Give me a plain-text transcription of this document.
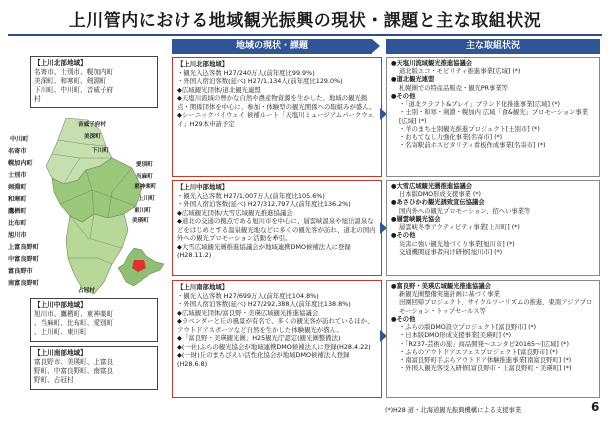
上川管内における地域観光振興の現状・課題と主な取組状況
【上川北部地域】
名寄市、士別市、幌加内町
美深町、和寒町、剣淵町
下川町、中川町、音威子府
村
音威子府村
中川町	美深町
名寄市	下川町
幌加内町
士別市
剣淵町
愛別町
和寒町
当麻町
東神楽町
鷹栖町
上川町
比布町
東川町
旭川市
美瑛町
上富良野町
中富良野町
富良野市
南富良野町
占冠村
【上川中部地域】
旭川市、鷹栖町、東神楽町
、当麻町、比布町、愛別町
、上川町、東川町
【上川南部地域】
富良野市、美瑛町、上富良
野町、中富良野町、南富良
野町、占冠村
地域の現状・課題	主な取組状況
【上川北部地域】
・観光入込客数 H27/240万人(前年度比99.9%)
・外国人宿泊客数(延べ) H27/1,134人(前年度比129.0%)
◆広域観光団体/道北観光連盟
◆天塩川流域の豊かな自然や農産物資源を生かした、地域の観光拠点・関係団体を中心に、参加・体験型の観光関係への取組みが盛ん。
◆シーニックバイウェイ 候補ルート「天塩川ミュージアムパークウェイ」H29本申請予定
【上川中部地域】
・観光入込客数 H27/1,007万人(前年度比105.6%)
・外国人宿泊客数(延べ) H27/312,797人(前年度比136.2%)
◆広域観光団体/大雪広域観光推進協議会
◆道北の交通の拠点である旭川市を中心に、層雲峡温泉や旭岳温泉などをはじめとする温泉観光地などに多くの観光客が訪れ、道北の国内外への観光プロモーション活動を牽引。
◆大雪広域観光圏推進協議会が地域連携DMO候補法人に登録(H28.11.2)
【上川南部地域】
・観光入込客数 H27/699万人(前年度比104.8%)
・外国人宿泊客数(延べ) H27/292,388人(前年度比138.8%)
◆広域観光団体/富良野・美瑛広域観光推進協議会
◆ラベンダーと丘の風景が有名で、多くの観光客が訪れているほか、アウトドアスポーツなど自然を生かした体験観光が盛ん。
◆「富良野・美瑛観光圏」H25観光庁認定(観光圏整備法)
◆(一社)ふらの観光協会が地域連携DMO候補法人に登録(H28.4.22)
◆(一財)丘のまちびえい活性化協会が地域DMO候補法人登録(H28.6.8)
●天塩川流域観光推進協議会
道北版エコ・モビリティ推進事業[広域] (*)
●道北観光連盟
札幌圏での特産品販売・観光PR事業等
●その他
・「道北クラフト&ブレイ」ブランド化推進事業[広域] (*)
・士別・和寒・剣淵・幌加内 広域「食&観光」プロモーション事業[広域] (*)
・羊のまち士別観光推進プロジェクト[士別市] (*)
・おもてなし力強化事業[名寄市] (*)
・名寄駅前ホスピタリティ看板作成事業[名寄市] (*)
●大雪広域観光圏推進協議会
日本版DMO形成支援事業 (*)
●あさひかわ観光誘致宣伝協議会
国内外への観光プロモーション、招へい事業等
●層雲峡観光協会
層雲峡冬季アクティビティ事業[上川町] (*)
●その他
災害に強い観光地づくり事業[旭川市] (*)
交通機関従事者向け研修[旭川市] (*)
●富良野・美瑛広域観光推進協議会
新観光圏整備実施計画に基づく事業
田園回帰プロジェクト、サイクルツーリズムの推進、東南アジアプロモーション・トップセールス等
●その他
・ふらの版DMO設立プロジェクト[富良野市] (*)
・日本版DMO形成支援事業[美瑛町] (*)
・「R237-芸術の旅」商品開発〜エンタビ20165〜[広域] (*)
・ふらのアウトドアエフェスプロジェクト[富良野市] (*)
・南富良野町手ぶらアウトドア体験推進事業[南富良野町] (*)
・外国人観光客受入研修[富良野市・上富良野町・美瑛町] (*)
(*)H28 道・北海道観光振興機構による支援事業	6
